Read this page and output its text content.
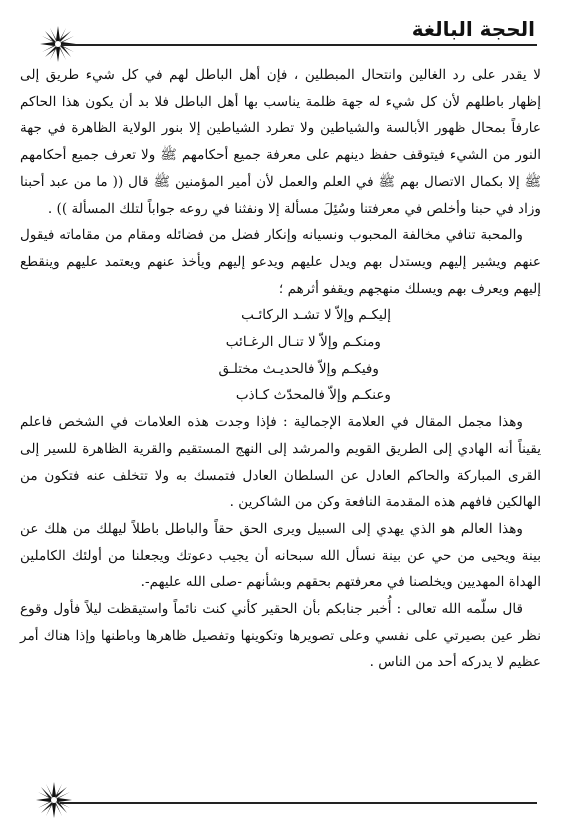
الحجة البالغة

لا يقدر على رد الغالين وانتحال المبطلين ، فإن أهل الباطل لهم في كل شيء طريق إلى إظهار باطلهم لأن كل شيء له جهة ظلمة يناسب بها أهل الباطل فلا بد أن يكون هذا الحاكم عارفاً بمحال ظهور الأبالسة والشياطين ولا تطرد الشياطين إلا بنور الولاية الظاهرة في جهة النور من الشيء فيتوقف حفظ دينهم على معرفة جميع أحكامهم ﷺ ولا تعرف جميع أحكامهم ﷺ إلا بكمال الاتصال بهم ﷺ في العلم والعمل لأن أمير المؤمنين ﷺ قال (( ما من عبد أحبنا وزاد في حبنا وأخلص في معرفتنا وسُئِلَ مسألة إلا ونفثنا في روعه جواباً لتلك المسألة )) .

والمحبة تنافي مخالفة المحبوب ونسيانه وإنكار فضل من فضائله ومقام من مقاماته فيقول عنهم ويشير إليهم ويستدل بهم ويدل عليهم ويدعو إليهم ويأخذ عنهم ويعتمد عليهم وينقطع إليهم ويعرف بهم ويسلك منهجهم ويقفو أثرهم ؛

إليكـم وإلاّ لا تشـد الركائـب
ومنكـم وإلاّ لا تنـال الرغـائب
وفيكـم وإلاّ فالحديـث مختلـق
وعنكـم وإلاّ فالمحدّث كـاذب

وهذا مجمل المقال في العلامة الإجمالية : فإذا وجدت هذه العلامات في الشخص فاعلم يقيناً أنه الهادي إلى الطريق القويم والمرشد إلى النهج المستقيم والقرية الظاهرة للسير إلى القرى المباركة والحاكم العادل عن السلطان العادل فتمسك به ولا تتخلف عنه فتكون من الهالكين فافهم هذه المقدمة النافعة وكن من الشاكرين .

وهذا العالم هو الذي يهدي إلى السبيل ويرى الحق حقاً والباطل باطلاً ليهلك من هلك عن بينة ويحيى من حي عن بينة نسأل الله سبحانه أن يجيب دعوتك ويجعلنا من أولئك الكاملين الهداة المهديين ويخلصنا في معرفتهم بحقهم وبشأنهم -صلى الله عليهم-.

قال سلّمه الله تعالى : أُخبر جنابكم بأن الحقير كأني كنت نائماً واستيقظت ليلاً فأول وقوع نظر عين بصيرتي على نفسي وعلى تصويرها وتكوينها وتفصيل ظاهرها وباطنها وإذا هناك أمر عظيم لا يدركه أحد من الناس .
